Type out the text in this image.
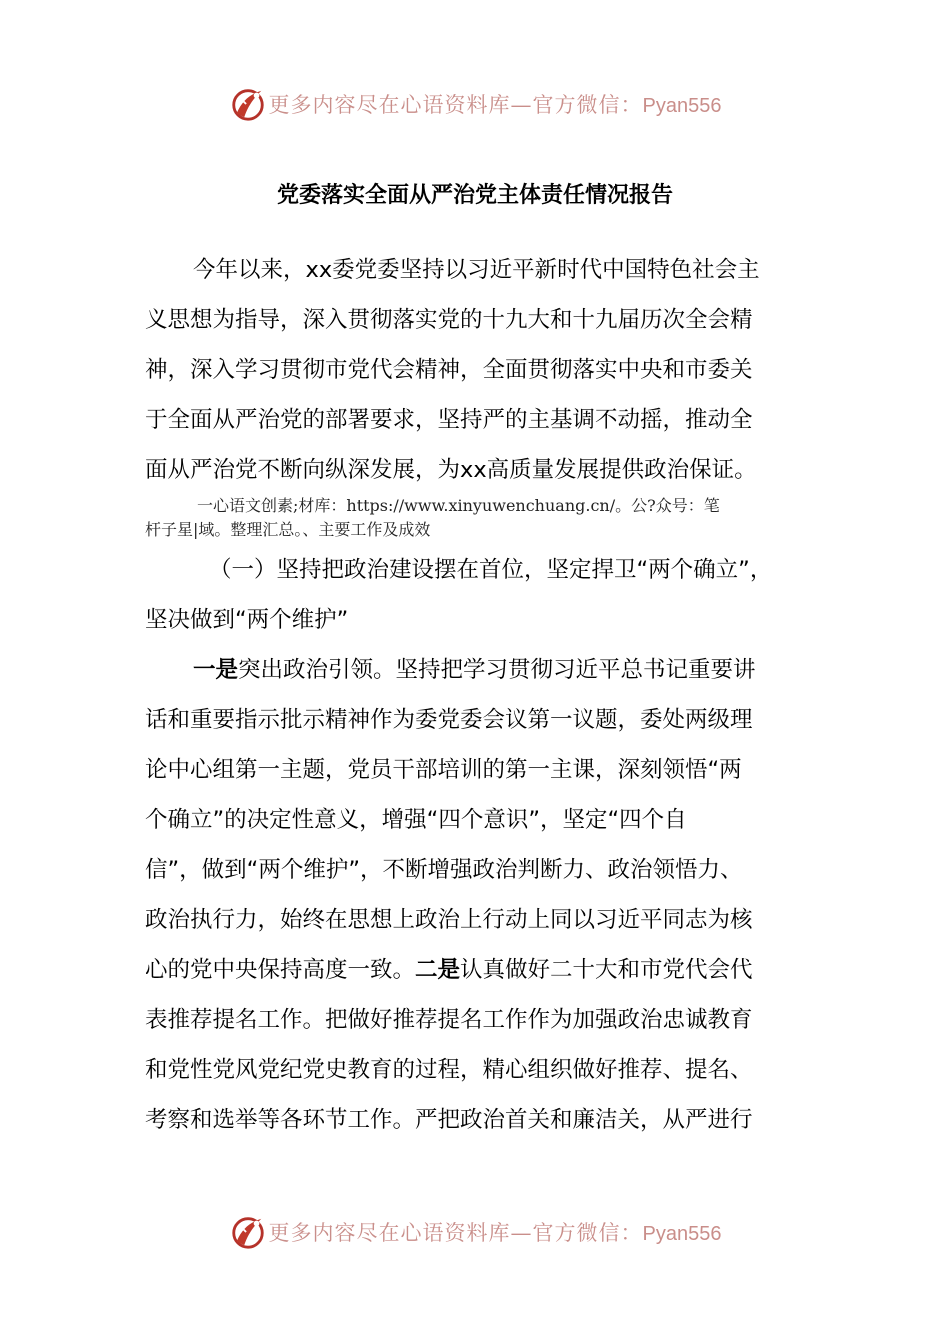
更多内容尽在心语资料库—官方微信：Pyan556
党委落实全面从严治党主体责任情况报告
今年以来，xx委党委坚持以习近平新时代中国特色社会主
义思想为指导，深入贯彻落实党的十九大和十九届历次全会精
神，深入学习贯彻市党代会精神，全面贯彻落实中央和市委关
于全面从严治党的部署要求，坚持严的主基调不动摇，推动全
面从严治党不断向纵深发展，为xx高质量发展提供政治保证。
一心语文创素;材库：https://www.xinyuwenchuang.cn/。公?众号：笔
杆子星|域。整理汇总。、主要工作及成效
（一）坚持把政治建设摆在首位，坚定捍卫“两个确立”，
坚决做到“两个维护”
一是突出政治引领。坚持把学习贯彻习近平总书记重要讲
话和重要指示批示精神作为委党委会议第一议题，委处两级理
论中心组第一主题，党员干部培训的第一主课，深刻领悟“两
个确立”的决定性意义，增强“四个意识”，坚定“四个自
信”，做到“两个维护”，不断增强政治判断力、政治领悟力、
政治执行力，始终在思想上政治上行动上同以习近平同志为核
心的党中央保持高度一致。二是认真做好二十大和市党代会代
表推荐提名工作。把做好推荐提名工作作为加强政治忠诚教育
和党性党风党纪党史教育的过程，精心组织做好推荐、提名、
考察和选举等各环节工作。严把政治首关和廉洁关，从严进行
更多内容尽在心语资料库—官方微信：Pyan556
